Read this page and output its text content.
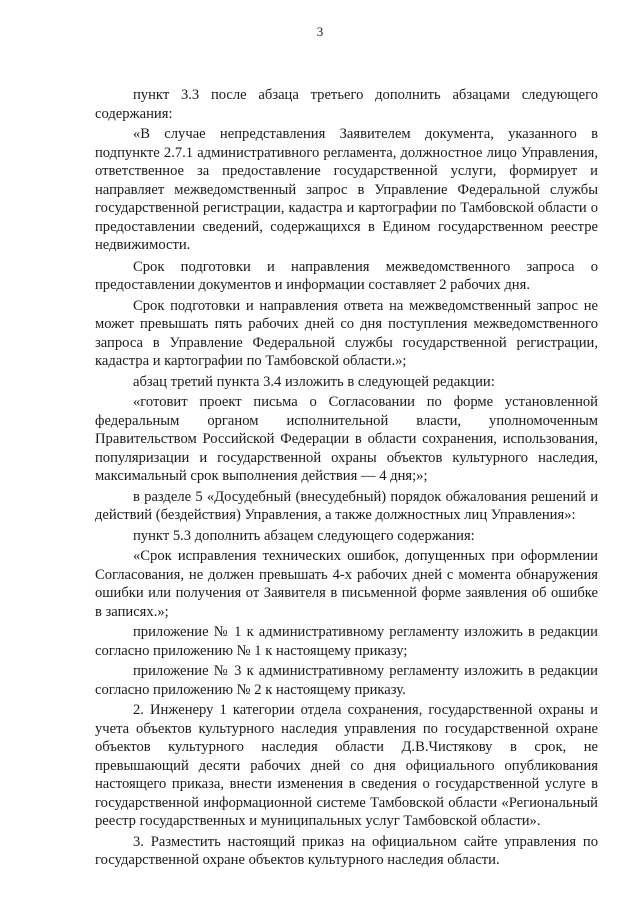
3

пункт 3.3 после абзаца третьего дополнить абзацами следующего содержания:

«В случае непредставления Заявителем документа, указанного в подпункте 2.7.1 административного регламента, должностное лицо Управления, ответственное за предоставление государственной услуги, формирует и направляет межведомственный запрос в Управление Федеральной службы государственной регистрации, кадастра и картографии по Тамбовской области о предоставлении сведений, содержащихся в Едином государственном реестре недвижимости.

Срок подготовки и направления межведомственного запроса о предоставлении документов и информации составляет 2 рабочих дня.

Срок подготовки и направления ответа на межведомственный запрос не может превышать пять рабочих дней со дня поступления межведомственного запроса в Управление Федеральной службы государственной регистрации, кадастра и картографии по Тамбовской области.»;

абзац третий пункта 3.4 изложить в следующей редакции:

«готовит проект письма о Согласовании по форме установленной федеральным органом исполнительной власти, уполномоченным Правительством Российской Федерации в области сохранения, использования, популяризации и государственной охраны объектов культурного наследия, максимальный срок выполнения действия — 4 дня;»;

в разделе 5 «Досудебный (внесудебный) порядок обжалования решений и действий (бездействия) Управления, а также должностных лиц Управления»:

пункт 5.3 дополнить абзацем следующего содержания:

«Срок исправления технических ошибок, допущенных при оформлении Согласования, не должен превышать 4-х рабочих дней с момента обнаружения ошибки или получения от Заявителя в письменной форме заявления об ошибке в записях.»;

приложение № 1 к административному регламенту изложить в редакции согласно приложению № 1 к настоящему приказу;

приложение № 3 к административному регламенту изложить в редакции согласно приложению № 2 к настоящему приказу.

2. Инженеру 1 категории отдела сохранения, государственной охраны и учета объектов культурного наследия управления по государственной охране объектов культурного наследия области Д.В.Чистякову в срок, не превышающий десяти рабочих дней со дня официального опубликования настоящего приказа, внести изменения в сведения о государственной услуге в государственной информационной системе Тамбовской области «Региональный реестр государственных и муниципальных услуг Тамбовской области».

3. Разместить настоящий приказ на официальном сайте управления по государственной охране объектов культурного наследия области.
